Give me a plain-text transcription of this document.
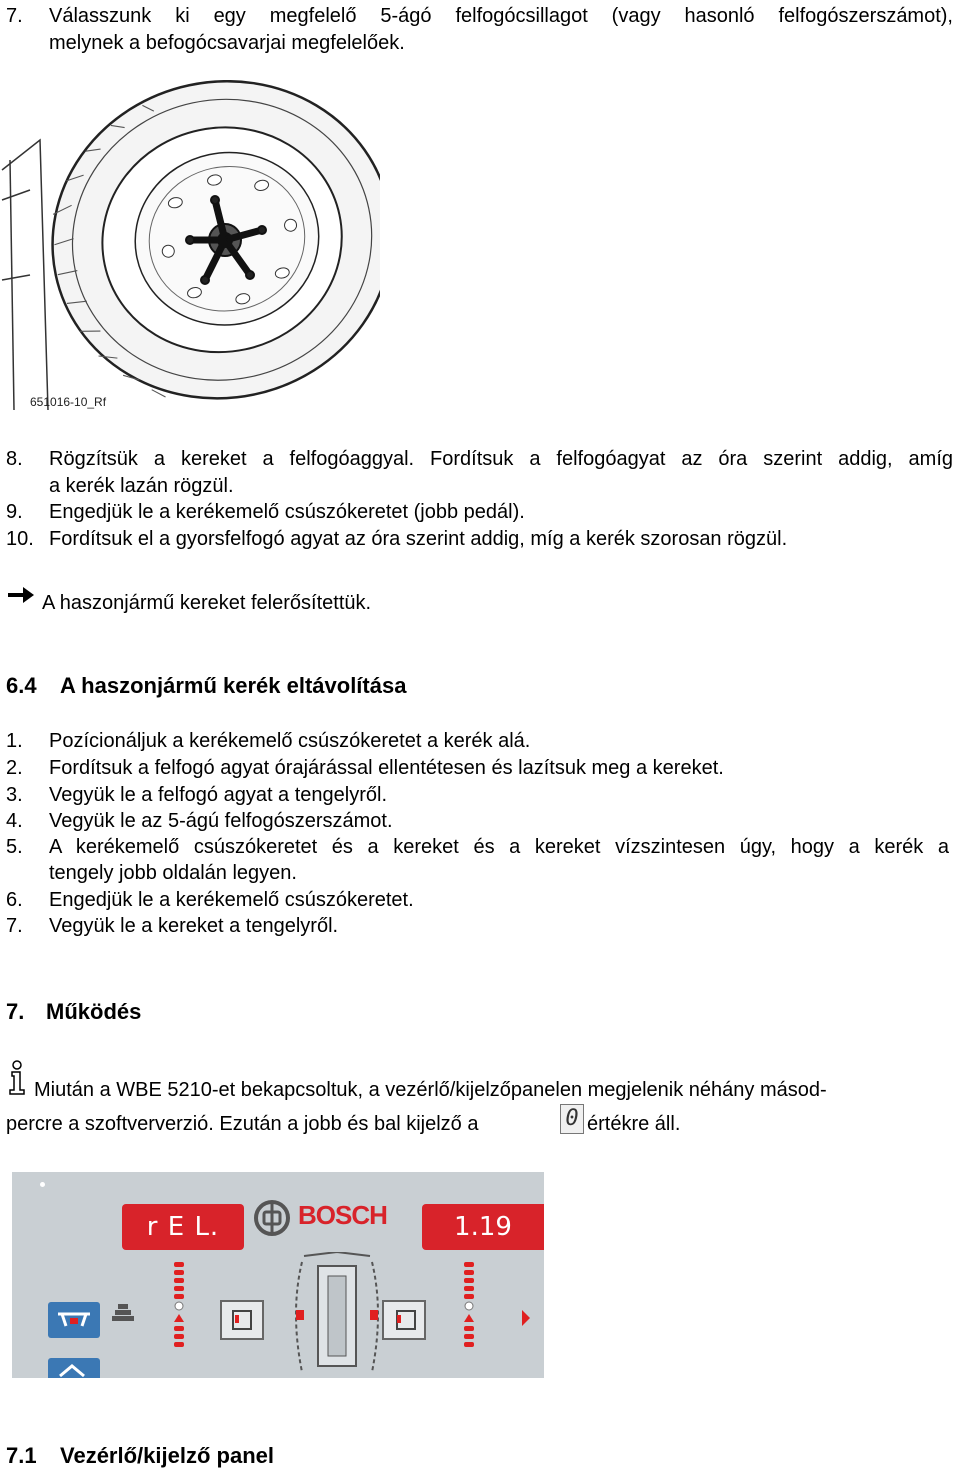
7. Válasszunk ki egy megfelelő 5-ágó felfogócsillagot (vagy hasonló felfogószerszámot),
melynek a befogócsavarjai megfelelőek.
651016-10_Rf
8. Rögzítsük a kereket a felfogóaggyal. Fordítsuk a felfogóagyat az óra szerint addig, amíg
a kerék lazán rögzül.
9. Engedjük le a kerékemelő csúszókeretet (jobb pedál).
10. Fordítsuk el a gyorsfelfogó agyat az óra szerint addig, míg a kerék szorosan rögzül.
A haszonjármű kereket felerősítettük.
6.4 A haszonjármű kerék eltávolítása
1. Pozícionáljuk a kerékemelő csúszókeretet a kerék alá.
2. Fordítsuk a felfogó agyat órajárással ellentétesen és lazítsuk meg a kereket.
3. Vegyük le a felfogó agyat a tengelyről.
4. Vegyük le az 5-ágú felfogószerszámot.
5. A kerékemelő csúszókeretet és a kereket és a kereket vízszintesen úgy, hogy a kerék a
tengely jobb oldalán legyen.
6. Engedjük le a kerékemelő csúszókeretet.
7. Vegyük le a kereket a tengelyről.
7. Működés
Miután a WBE 5210-et bekapcsoltuk, a vezérlő/kijelzőpanelen megjelenik néhány másod-
percre a szoftververzió. Ezután a jobb és bal kijelző a	0 értékre áll.
r E L.	1.19
BOSCH
7.1 Vezérlő/kijelző panel
